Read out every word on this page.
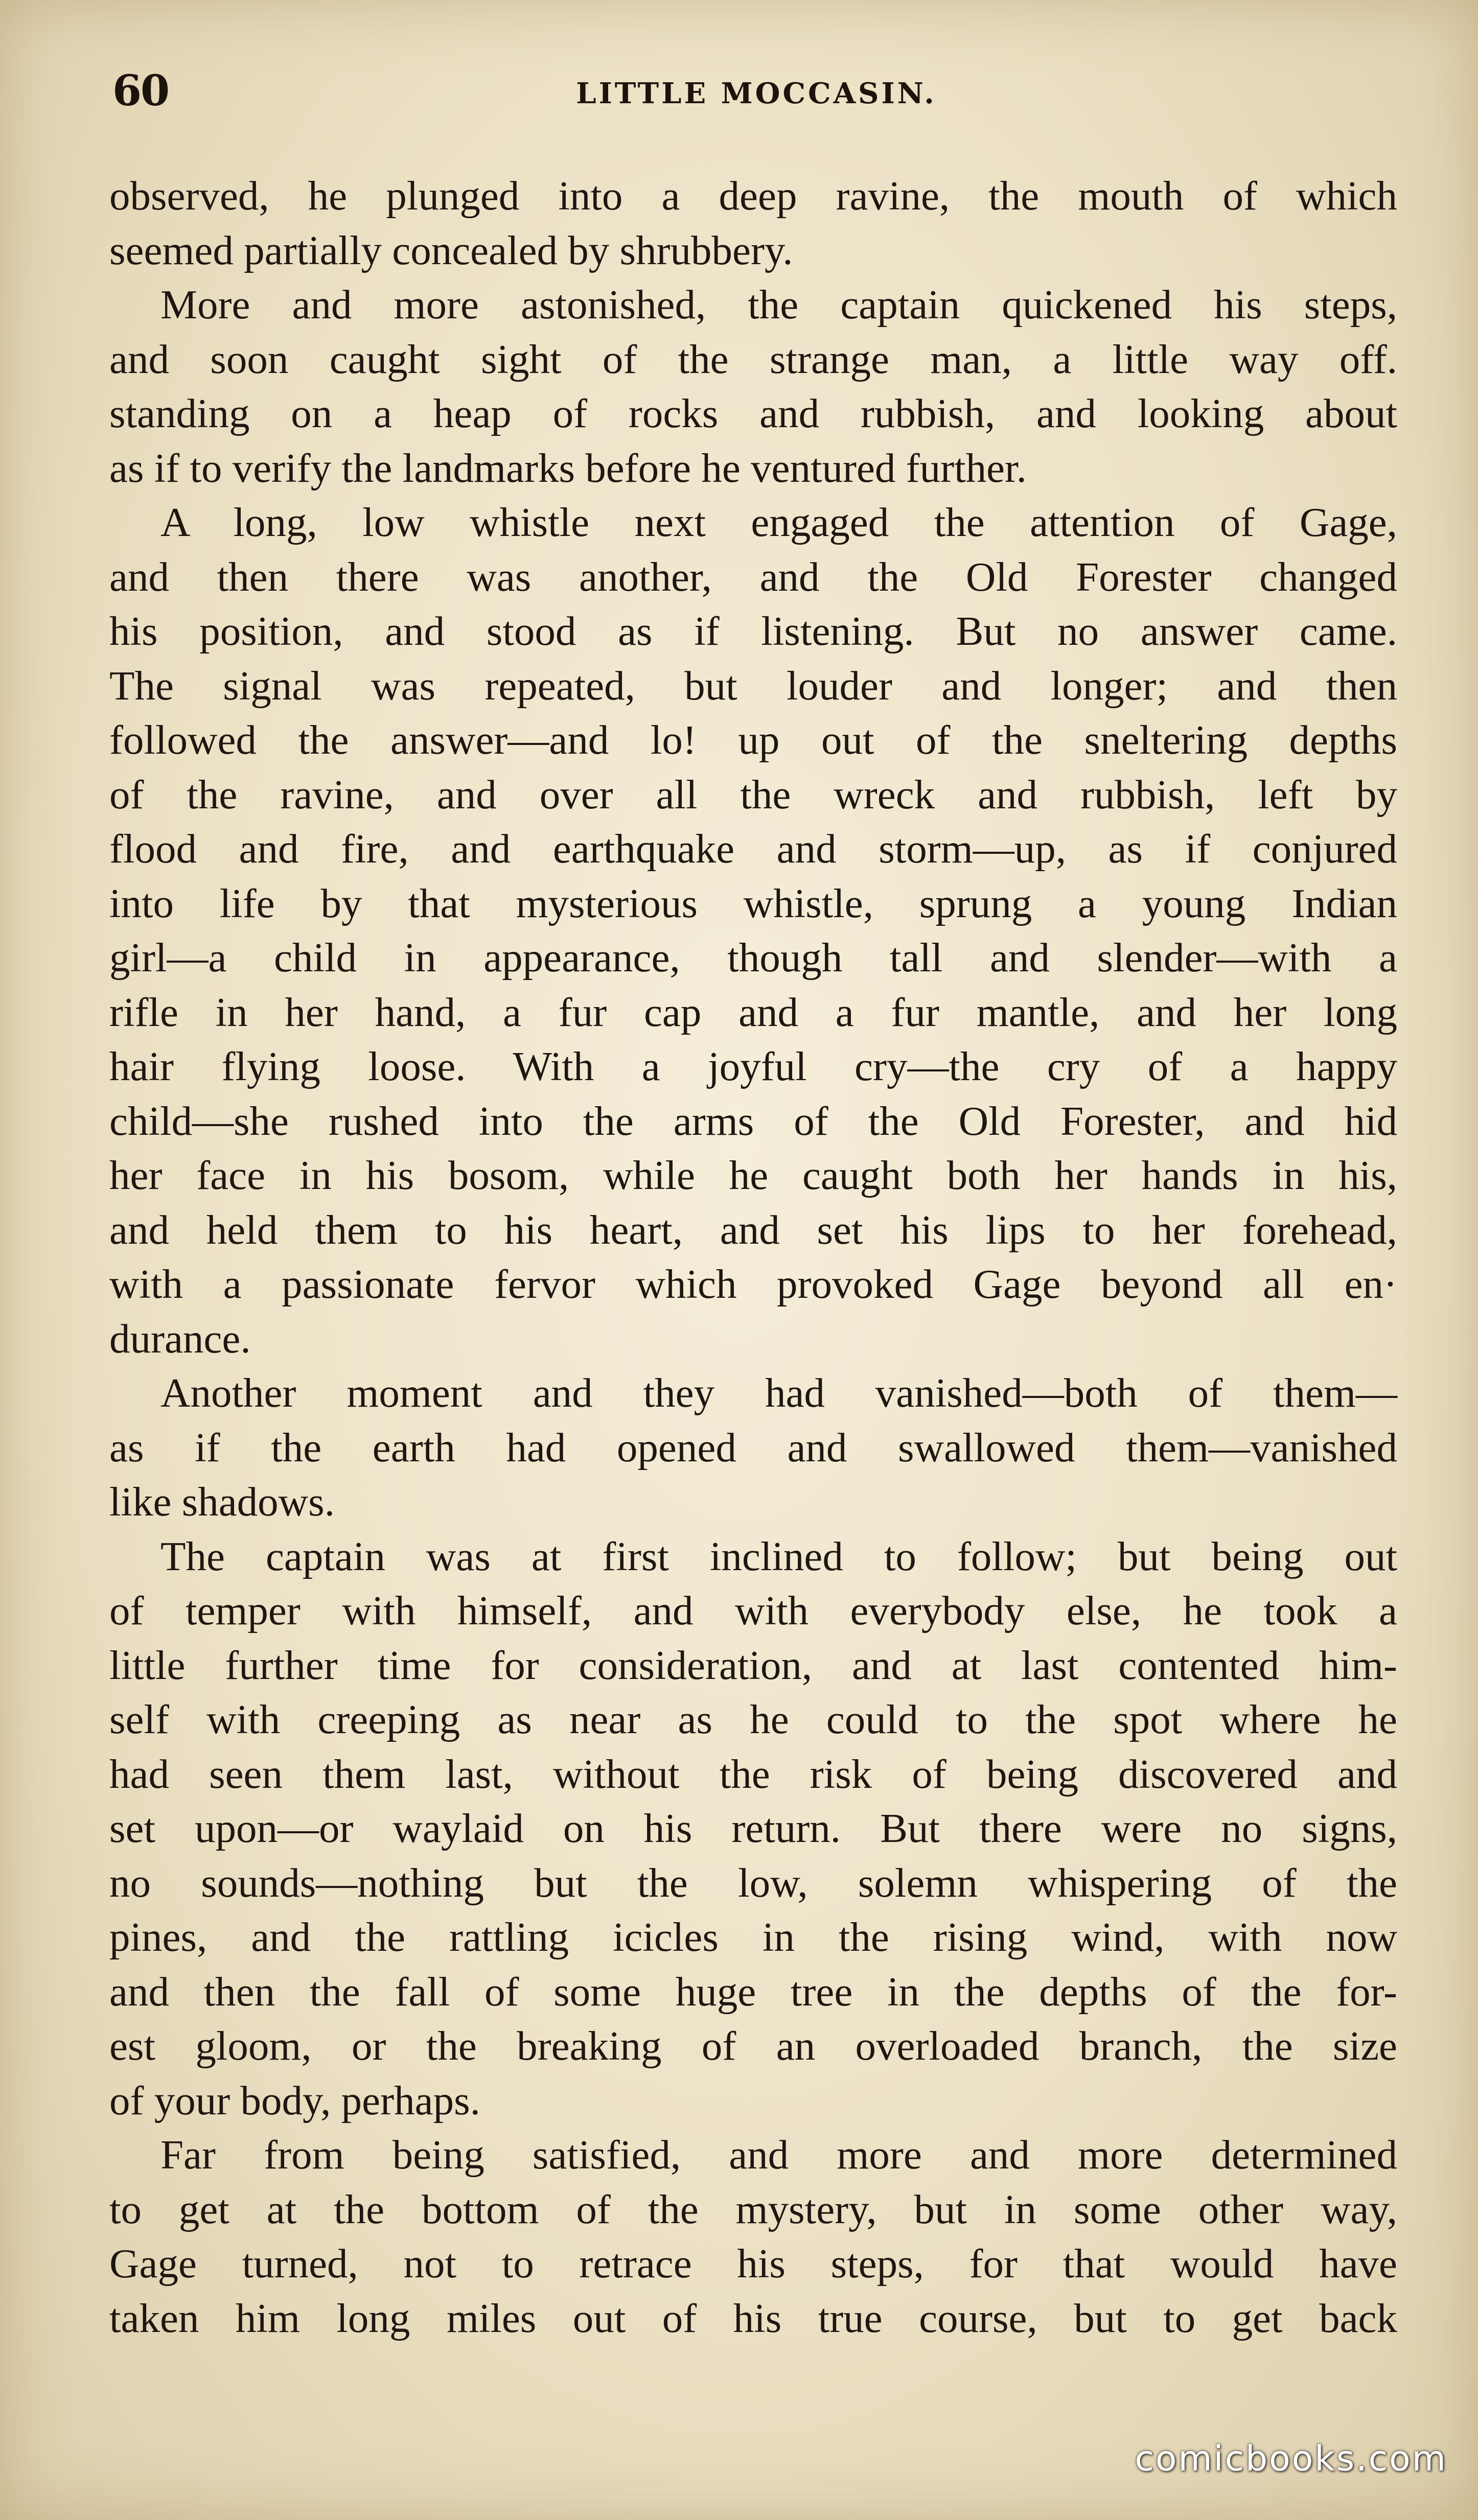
60	LITTLE MOCCASIN.
observed, he plunged into a deep ravine, the mouth of which
seemed partially concealed by shrubbery.
More and more astonished, the captain quickened his steps,
and soon caught sight of the strange man, a little way off.
standing on a heap of rocks and rubbish, and looking about
as if to verify the landmarks before he ventured further.
A long, low whistle next engaged the attention of Gage,
and then there was another, and the Old Forester changed
his position, and stood as if listening. But no answer came.
The signal was repeated, but louder and longer; and then
followed the answer—and lo! up out of the sneltering depths
of the ravine, and over all the wreck and rubbish, left by
flood and fire, and earthquake and storm—up, as if conjured
into life by that mysterious whistle, sprung a young Indian
girl—a child in appearance, though tall and slender—with a
rifle in her hand, a fur cap and a fur mantle, and her long
hair flying loose. With a joyful cry—the cry of a happy
child—she rushed into the arms of the Old Forester, and hid
her face in his bosom, while he caught both her hands in his,
and held them to his heart, and set his lips to her forehead,
with a passionate fervor which provoked Gage beyond all en·
durance.
Another moment and they had vanished—both of them—
as if the earth had opened and swallowed them—vanished
like shadows.
The captain was at first inclined to follow; but being out
of temper with himself, and with everybody else, he took a
little further time for consideration, and at last contented him-
self with creeping as near as he could to the spot where he
had seen them last, without the risk of being discovered and
set upon—or waylaid on his return. But there were no signs,
no sounds—nothing but the low, solemn whispering of the
pines, and the rattling icicles in the rising wind, with now
and then the fall of some huge tree in the depths of the for-
est gloom, or the breaking of an overloaded branch, the size
of your body, perhaps.
Far from being satisfied, and more and more determined
to get at the bottom of the mystery, but in some other way,
Gage turned, not to retrace his steps, for that would have
taken him long miles out of his true course, but to get back
comicbooks.com
